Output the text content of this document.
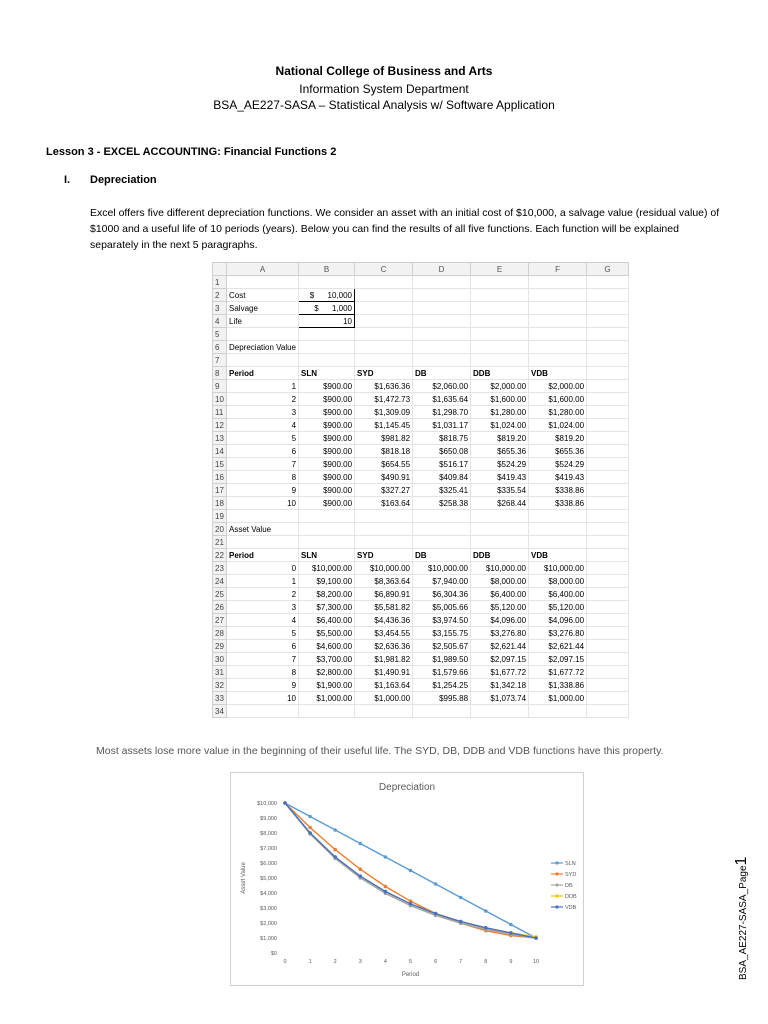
National College of Business and Arts
Information System Department
BSA_AE227-SASA – Statistical Analysis w/ Software Application
Lesson 3 - EXCEL ACCOUNTING: Financial Functions 2
I. Depreciation
Excel offers five different depreciation functions. We consider an asset with an initial cost of $10,000, a salvage value (residual value) of $1000 and a useful life of 10 periods (years). Below you can find the results of all five functions. Each function will be explained separately in the next 5 paragraphs.
	A	B	C	D	E	F	G
1							
2	Cost	$      10,000					
3	Salvage	$      1,000					
4	Life	10					
5							
6	Depreciation Value						
7							
8	Period	SLN	SYD	DB	DDB	VDB	
9	1	$900.00	$1,636.36	$2,060.00	$2,000.00	$2,000.00	
10	2	$900.00	$1,472.73	$1,635.64	$1,600.00	$1,600.00	
11	3	$900.00	$1,309.09	$1,298.70	$1,280.00	$1,280.00	
12	4	$900.00	$1,145.45	$1,031.17	$1,024.00	$1,024.00	
13	5	$900.00	$981.82	$818.75	$819.20	$819.20	
14	6	$900.00	$818.18	$650.08	$655.36	$655.36	
15	7	$900.00	$654.55	$516.17	$524.29	$524.29	
16	8	$900.00	$490.91	$409.84	$419.43	$419.43	
17	9	$900.00	$327.27	$325.41	$335.54	$338.86	
18	10	$900.00	$163.64	$258.38	$268.44	$338.86	
19							
20	Asset Value						
21							
22	Period	SLN	SYD	DB	DDB	VDB	
23	0	$10,000.00	$10,000.00	$10,000.00	$10,000.00	$10,000.00	
24	1	$9,100.00	$8,363.64	$7,940.00	$8,000.00	$8,000.00	
25	2	$8,200.00	$6,890.91	$6,304.36	$6,400.00	$6,400.00	
26	3	$7,300.00	$5,581.82	$5,005.66	$5,120.00	$5,120.00	
27	4	$6,400.00	$4,436.36	$3,974.50	$4,096.00	$4,096.00	
28	5	$5,500.00	$3,454.55	$3,155.75	$3,276.80	$3,276.80	
29	6	$4,600.00	$2,636.36	$2,505.67	$2,621.44	$2,621.44	
30	7	$3,700.00	$1,981.82	$1,989.50	$2,097.15	$2,097.15	
31	8	$2,800.00	$1,490.91	$1,579.66	$1,677.72	$1,677.72	
32	9	$1,900.00	$1,163.64	$1,254.25	$1,342.18	$1,338.86	
33	10	$1,000.00	$1,000.00	$995.88	$1,073.74	$1,000.00	
34							
Most assets lose more value in the beginning of their useful life. The SYD, DB, DDB and VDB functions have this property.
Depreciation
$0
$1,000
$2,000
$3,000
$4,000
$5,000
$6,000
$7,000
$8,000
$9,000
$10,000
0	1	2	3	4	5	6	7	8	9	10
Period
Asset Value	SLN
SYD
DB
DDB
VDB	BSA_AE227-SASA_Page1
